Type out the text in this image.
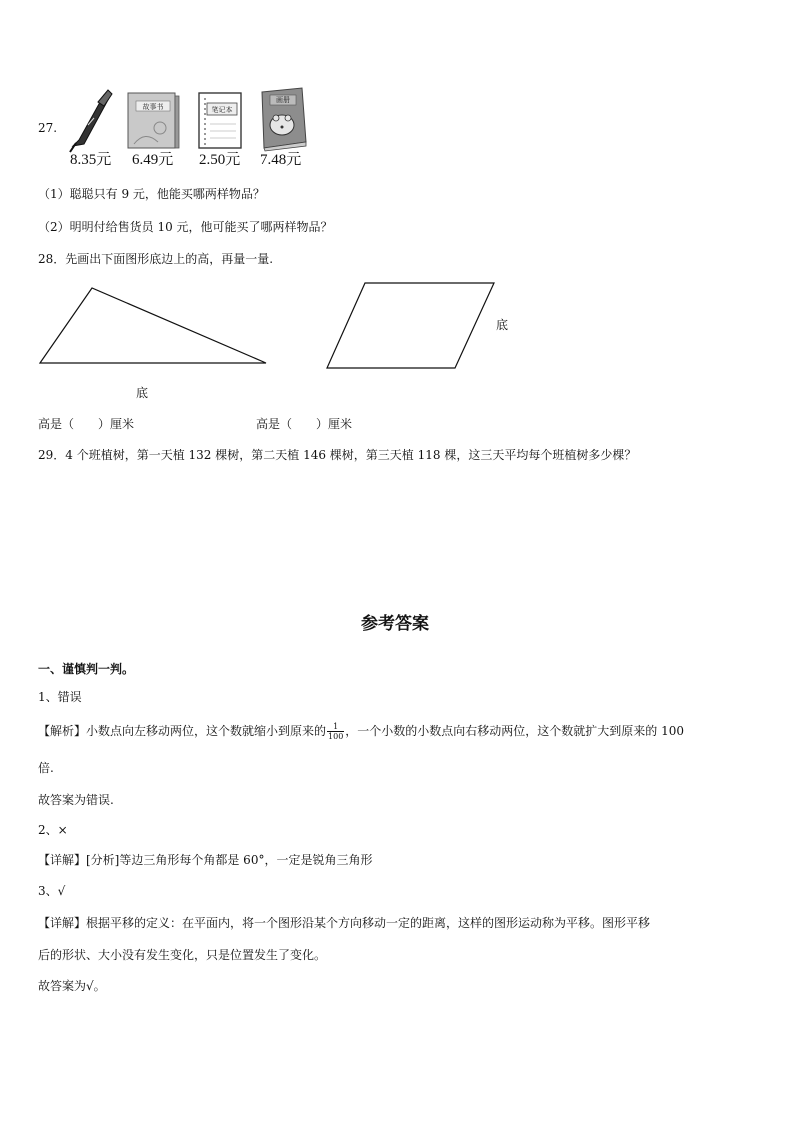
27.
故事书	笔记本
画册
8.35元 6.49元 2.50元 7.48元
（1）聪聪只有 9 元，他能买哪两样物品？
（2）明明付给售货员 10 元，他可能买了哪两样物品？
28．先画出下面图形底边上的高，再量一量.
底
底
高是（　　）厘米	高是（　　）厘米
29．4 个班植树，第一天植 132 棵树，第二天植 146 棵树，第三天植 118 棵，这三天平均每个班植树多少棵？
参考答案
一、谨慎判一判。
1、错误
【解析】小数点向左移动两位，这个数就缩小到原来的 $\frac{1}{100}$ ，一个小数的小数点向右移动两位，这个数就扩大到原来的 100
倍.
故答案为错误.
2、×
【详解】[分析]等边三角形每个角都是 60°，一定是锐角三角形
3、√
【详解】根据平移的定义：在平面内，将一个图形沿某个方向移动一定的距离，这样的图形运动称为平移。图形平移
后的形状、大小没有发生变化，只是位置发生了变化。
故答案为√。
